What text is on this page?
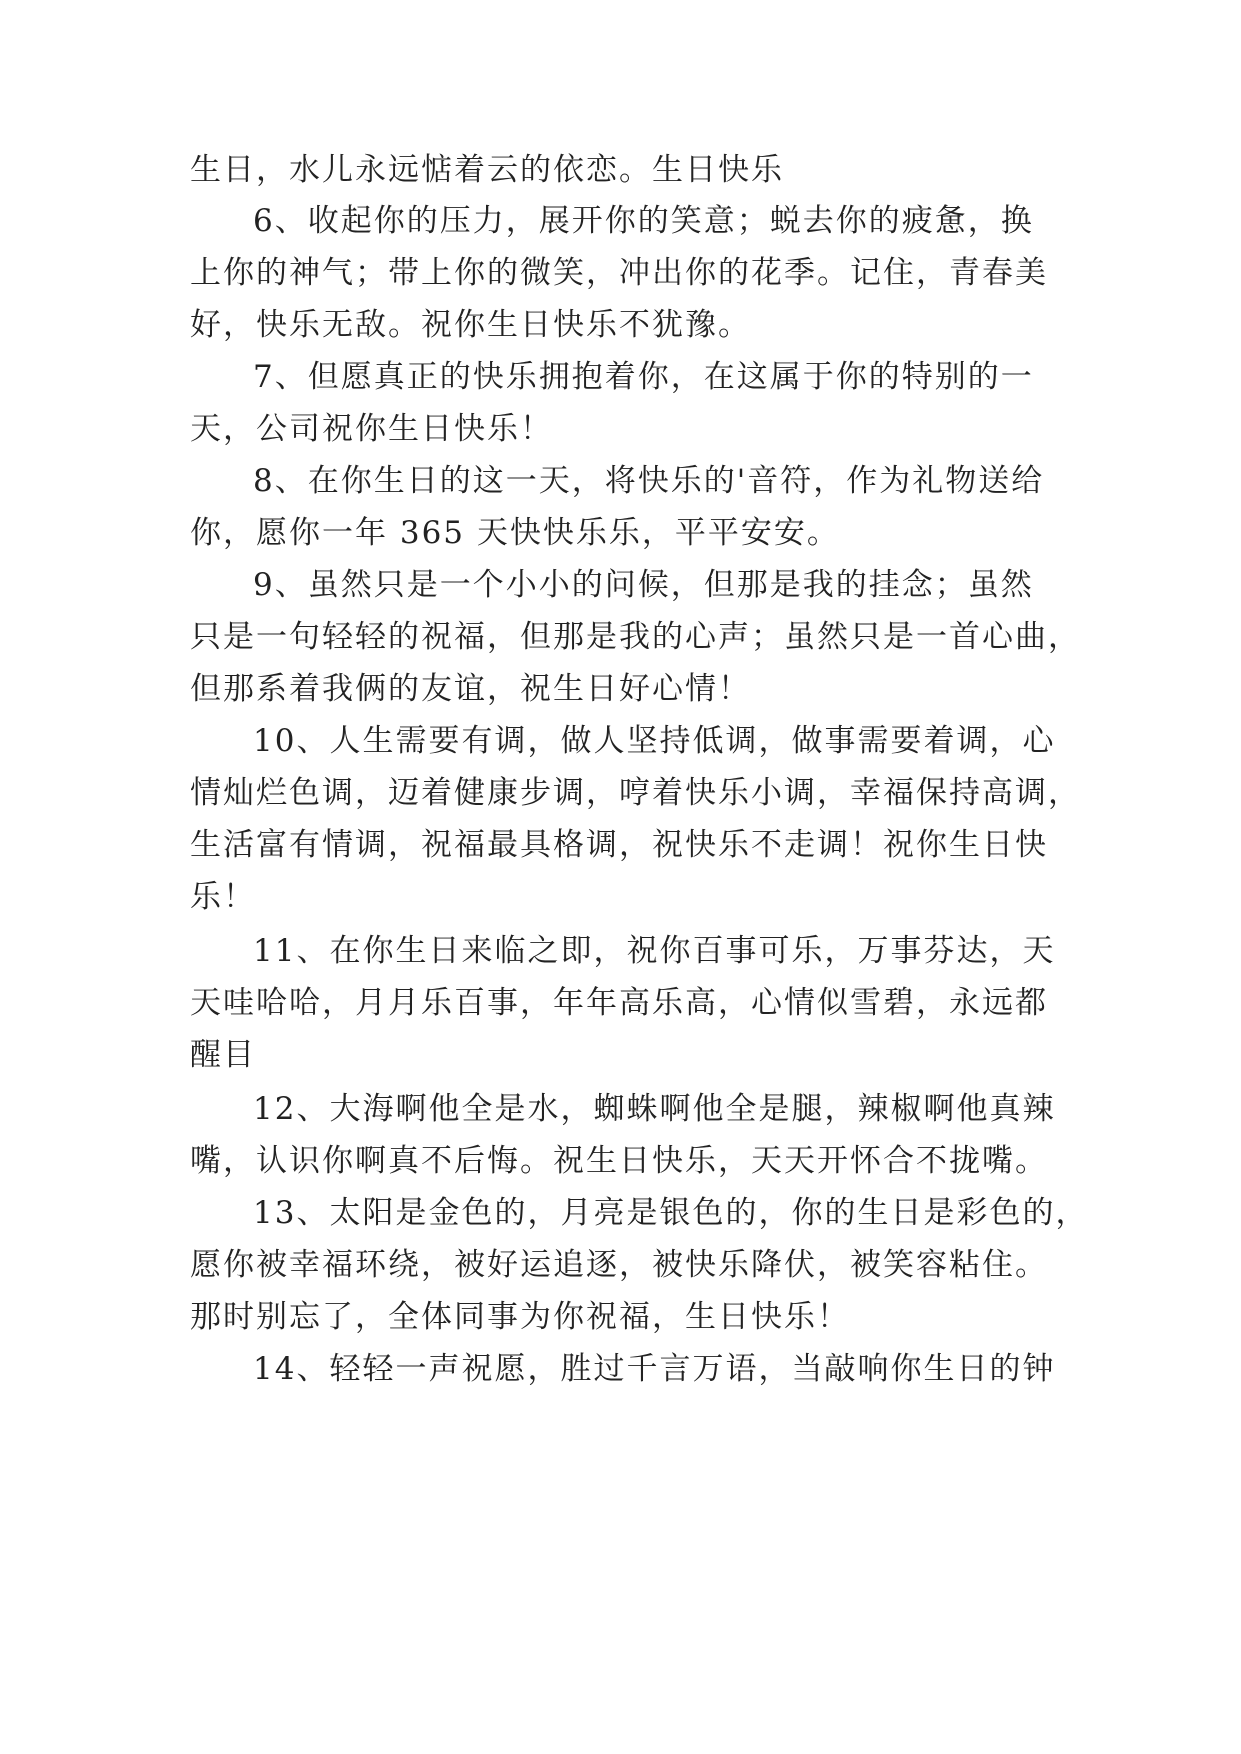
生日，水儿永远惦着云的依恋。生日快乐
6、收起你的压力，展开你的笑意；蜕去你的疲惫，换
上你的神气；带上你的微笑，冲出你的花季。记住，青春美
好，快乐无敌。祝你生日快乐不犹豫。
7、但愿真正的快乐拥抱着你，在这属于你的特别的一
天，公司祝你生日快乐！
8、在你生日的这一天，将快乐的'音符，作为礼物送给
你，愿你一年 365 天快快乐乐，平平安安。
9、虽然只是一个小小的问候，但那是我的挂念；虽然
只是一句轻轻的祝福，但那是我的心声；虽然只是一首心曲，
但那系着我俩的友谊，祝生日好心情！
10、人生需要有调，做人坚持低调，做事需要着调，心
情灿烂色调，迈着健康步调，哼着快乐小调，幸福保持高调，
生活富有情调，祝福最具格调，祝快乐不走调！祝你生日快
乐！
11、在你生日来临之即，祝你百事可乐，万事芬达，天
天哇哈哈，月月乐百事，年年高乐高，心情似雪碧，永远都
醒目
12、大海啊他全是水，蜘蛛啊他全是腿，辣椒啊他真辣
嘴，认识你啊真不后悔。祝生日快乐，天天开怀合不拢嘴。
13、太阳是金色的，月亮是银色的，你的生日是彩色的，
愿你被幸福环绕，被好运追逐，被快乐降伏，被笑容粘住。
那时别忘了，全体同事为你祝福，生日快乐！
14、轻轻一声祝愿，胜过千言万语，当敲响你生日的钟
